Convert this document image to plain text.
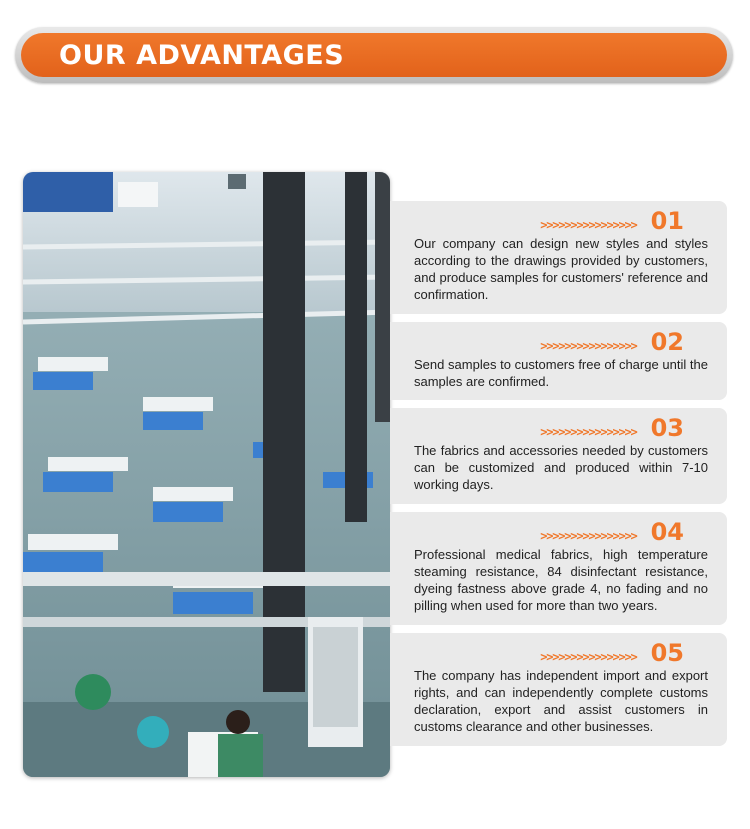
OUR ADVANTAGES
>>>>>>>>>>>>>>>> 01

Our company can design new styles and styles according to the drawings provided by customers, and produce samples for customers' reference and confirmation.

>>>>>>>>>>>>>>>> 02

Send samples to customers free of charge until the samples are confirmed.

>>>>>>>>>>>>>>>> 03

The fabrics and accessories needed by customers can be customized and produced within 7-10 working days.

>>>>>>>>>>>>>>>> 04

Professional medical fabrics, high temperature steaming resistance, 84 disinfectant resistance, dyeing fastness above grade 4, no fading and no pilling when used for more than two years.

>>>>>>>>>>>>>>>> 05

The company has independent import and export rights, and can independently complete customs declaration, export and assist customers in customs clearance and other businesses.
